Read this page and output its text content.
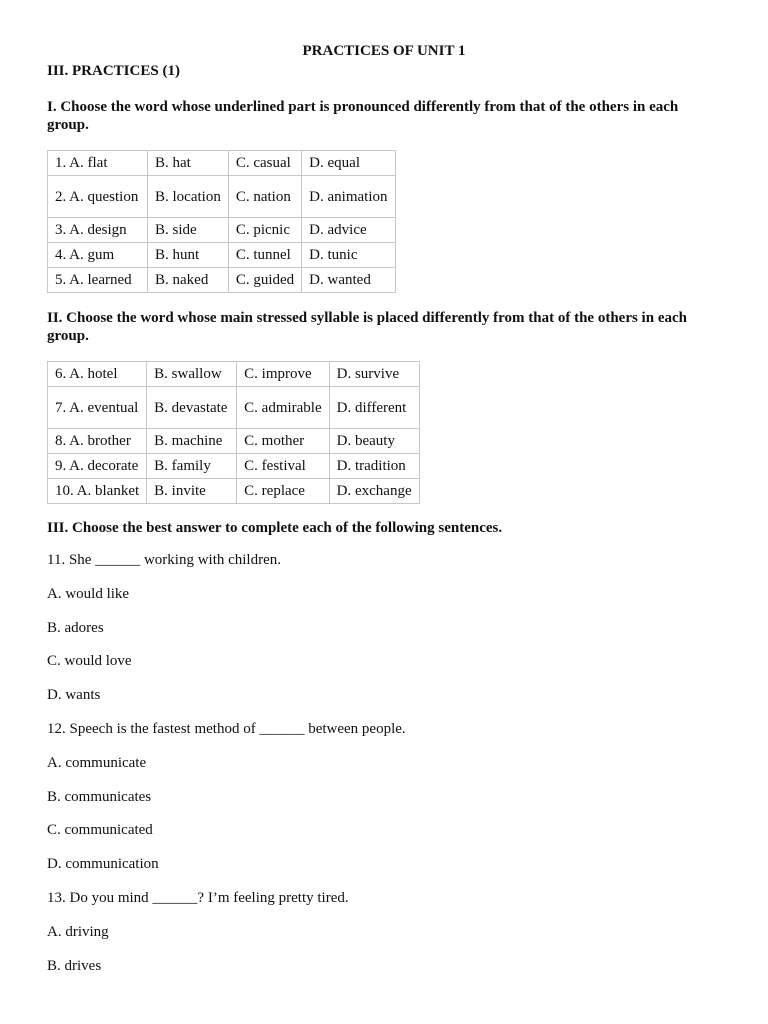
PRACTICES OF UNIT 1
III. PRACTICES (1)
I. Choose the word whose underlined part is pronounced differently from that of the others in each group.
1. A. flat	B. hat	C. casual	D. equal
2. A. question	B. location	C. nation	D. animation
3. A. design	B. side	C. picnic	D. advice
4. A. gum	B. hunt	C. tunnel	D. tunic
5. A. learned	B. naked	C. guided	D. wanted
II. Choose the word whose main stressed syllable is placed differently from that of the others in each group.
6. A. hotel	B. swallow	C. improve	D. survive
7. A. eventual	B. devastate	C. admirable	D. different
8. A. brother	B. machine	C. mother	D. beauty
9. A. decorate	B. family	C. festival	D. tradition
10. A. blanket	B. invite	C. replace	D. exchange
III. Choose the best answer to complete each of the following sentences.
11. She ______ working with children.
A. would like
B. adores
C. would love
D. wants
12. Speech is the fastest method of ______ between people.
A. communicate
B. communicates
C. communicated
D. communication
13. Do you mind ______? I’m feeling pretty tired.
A. driving
B. drives
